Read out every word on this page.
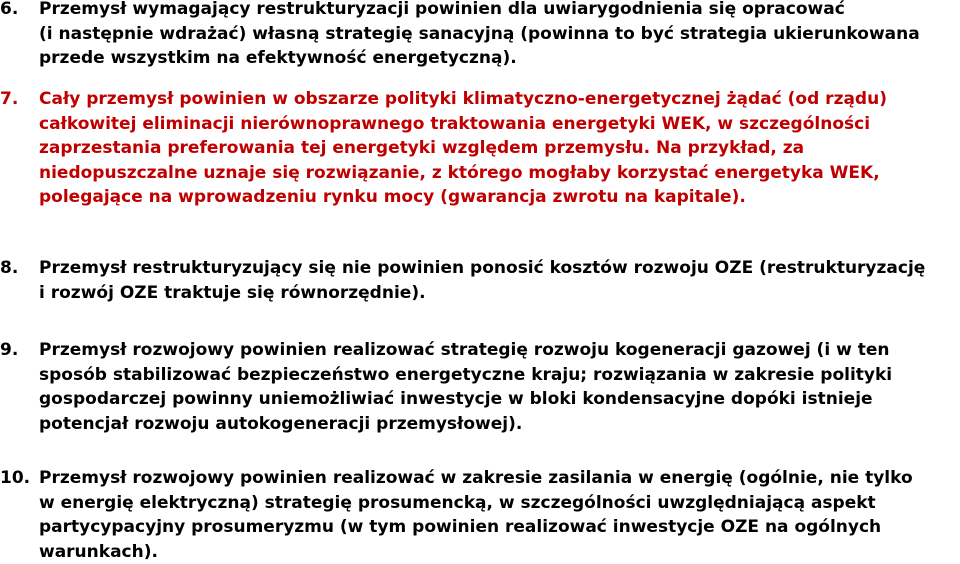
6. Przemysł wymagający restrukturyzacji powinien dla uwiarygodnienia się opracować
(i następnie wdrażać) własną strategię sanacyjną (powinna to być strategia ukierunkowana
przede wszystkim na efektywność energetyczną).
7. Cały przemysł powinien w obszarze polityki klimatyczno-energetycznej żądać (od rządu)
całkowitej eliminacji nierównoprawnego traktowania energetyki WEK, w szczególności
zaprzestania preferowania tej energetyki względem przemysłu. Na przykład, za
niedopuszczalne uznaje się rozwiązanie, z którego mogłaby korzystać energetyka WEK,
polegające na wprowadzeniu rynku mocy (gwarancja zwrotu na kapitale).
8. Przemysł restrukturyzujący się nie powinien ponosić kosztów rozwoju OZE (restrukturyzację
i rozwój OZE traktuje się równorzędnie).
9. Przemysł rozwojowy powinien realizować strategię rozwoju kogeneracji gazowej (i w ten
sposób stabilizować bezpieczeństwo energetyczne kraju; rozwiązania w zakresie polityki
gospodarczej powinny uniemożliwiać inwestycje w bloki kondensacyjne dopóki istnieje
potencjał rozwoju autokogeneracji przemysłowej).
10. Przemysł rozwojowy powinien realizować w zakresie zasilania w energię (ogólnie, nie tylko
w energię elektryczną) strategię prosumencką, w szczególności uwzględniającą aspekt
partycypacyjny prosumeryzmu (w tym powinien realizować inwestycje OZE na ogólnych
warunkach).
